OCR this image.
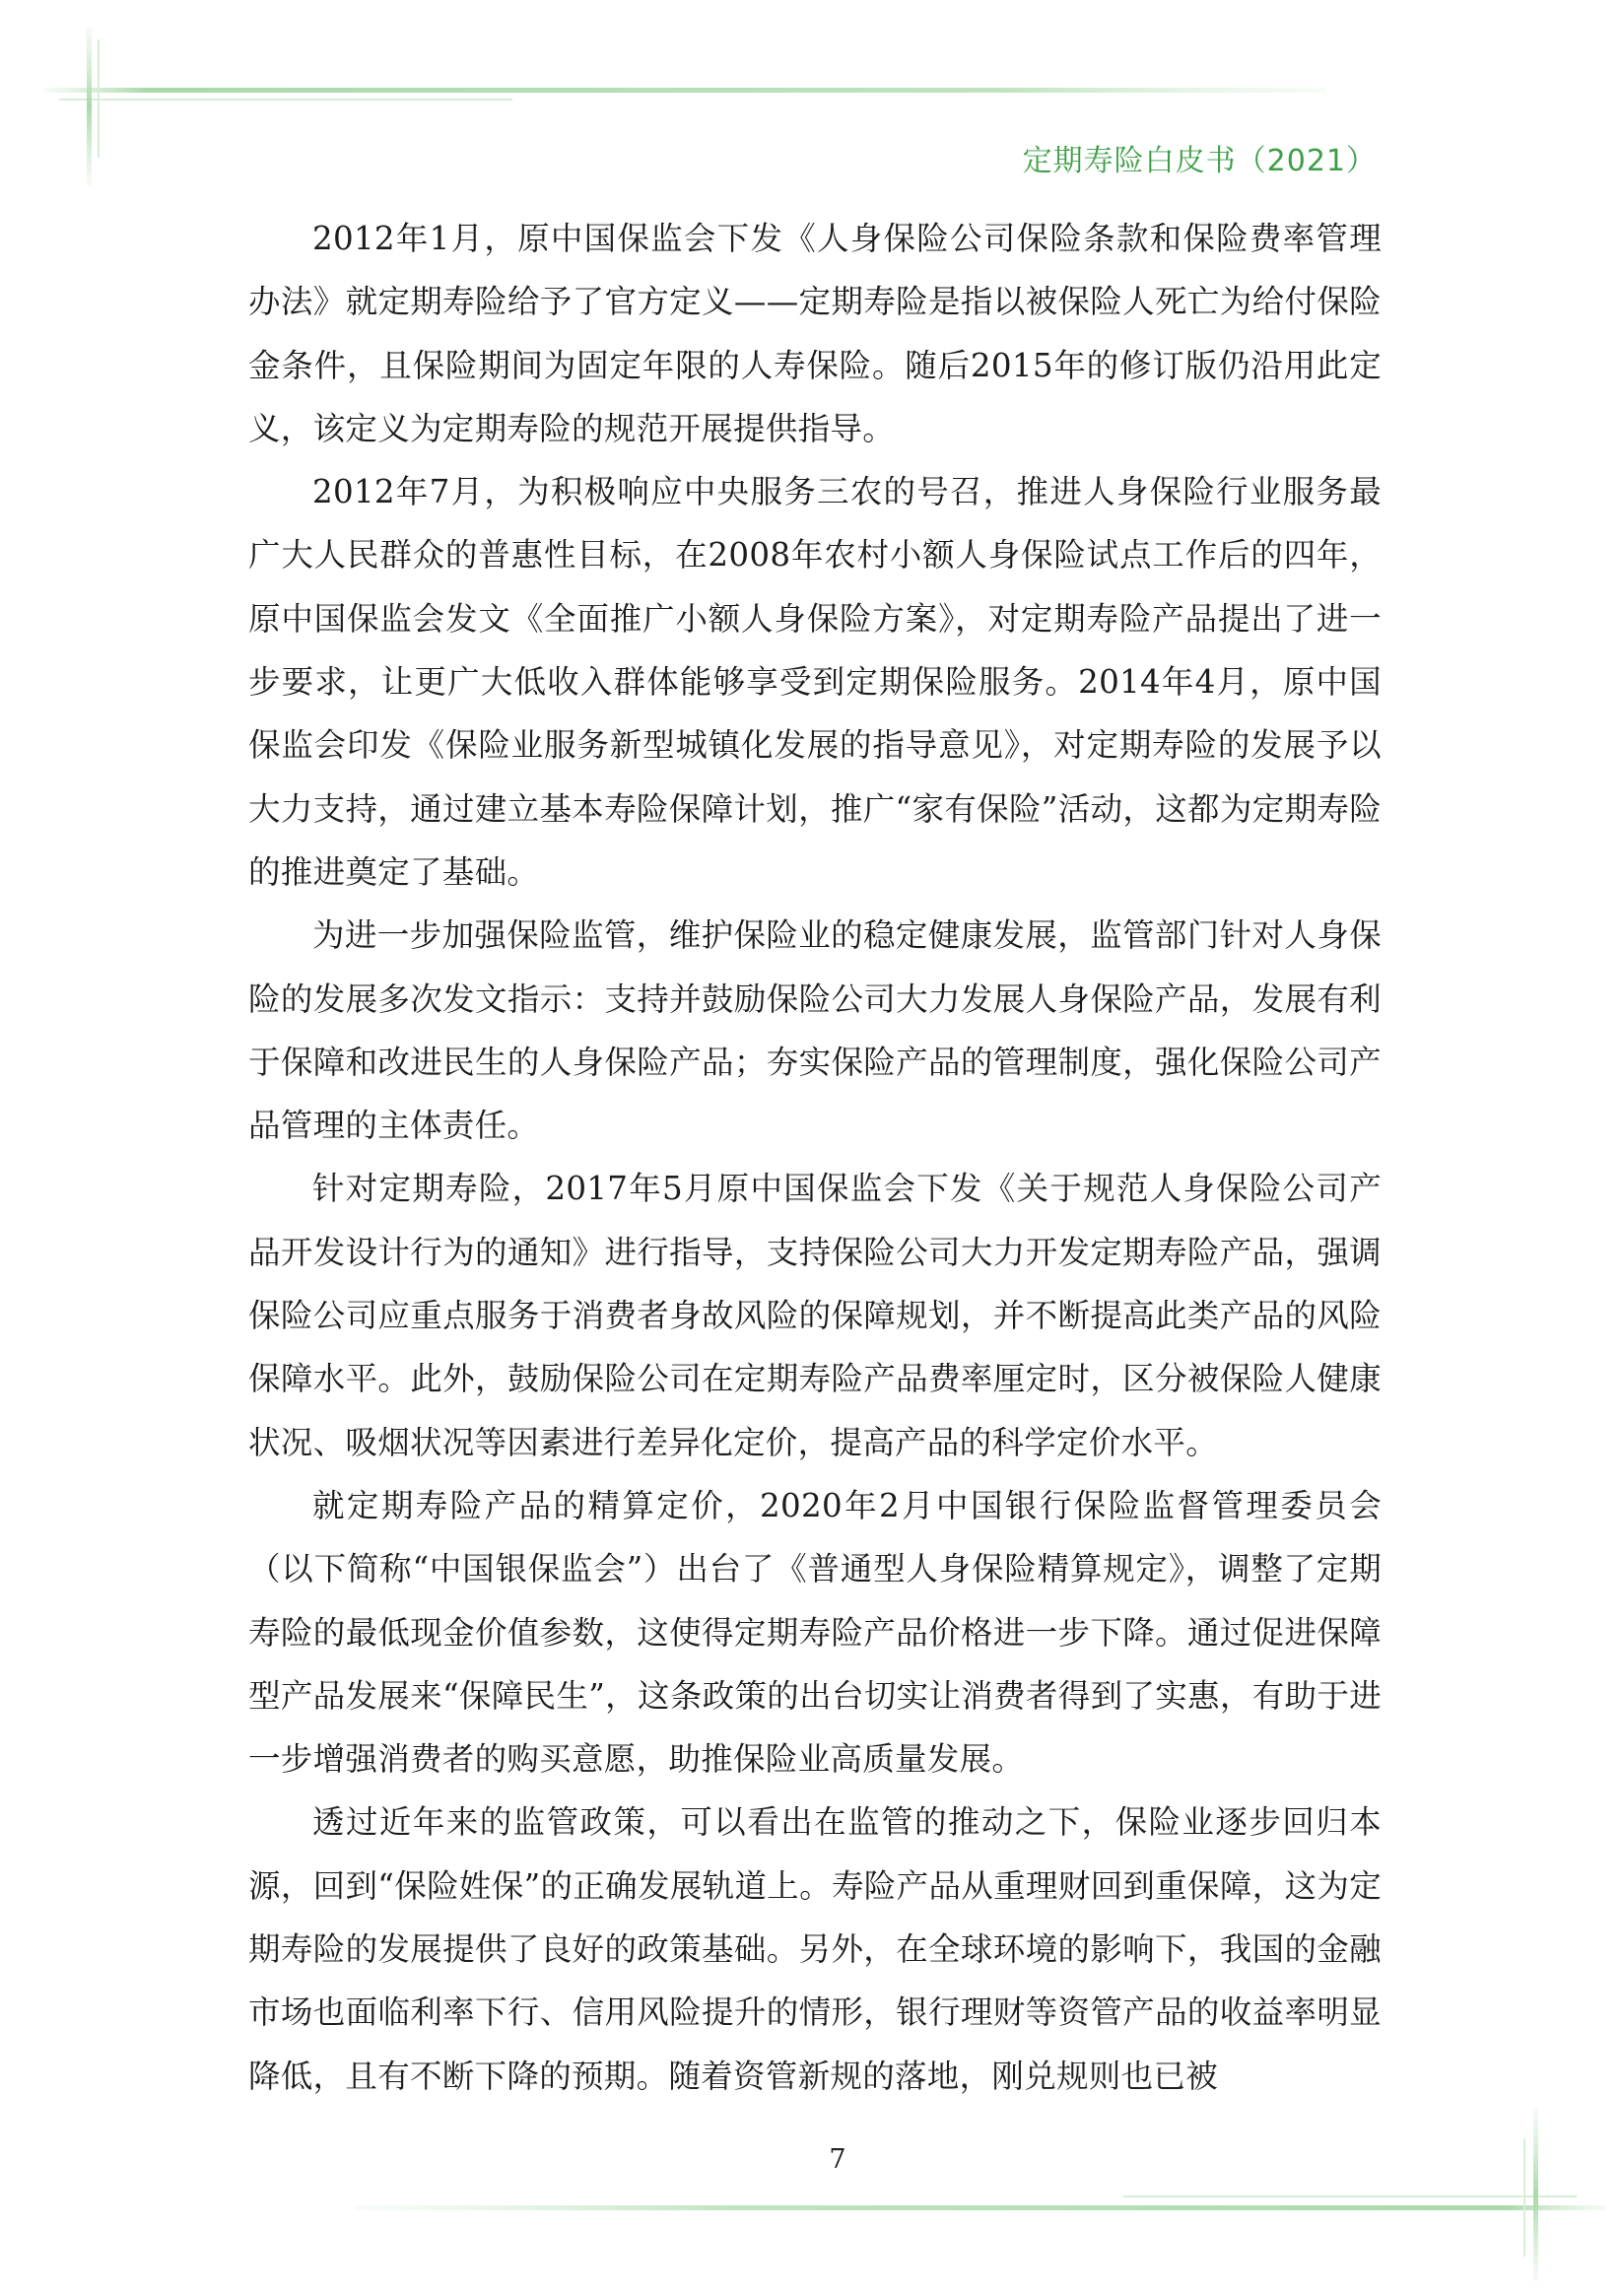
定期寿险白皮书（2021）

2012年1月，原中国保监会下发《人身保险公司保险条款和保险费率管理办法》就定期寿险给予了官方定义——定期寿险是指以被保险人死亡为给付保险金条件，且保险期间为固定年限的人寿保险。随后2015年的修订版仍沿用此定义，该定义为定期寿险的规范开展提供指导。

2012年7月，为积极响应中央服务三农的号召，推进人身保险行业服务最广大人民群众的普惠性目标，在2008年农村小额人身保险试点工作后的四年，原中国保监会发文《全面推广小额人身保险方案》，对定期寿险产品提出了进一步要求，让更广大低收入群体能够享受到定期保险服务。2014年4月，原中国保监会印发《保险业服务新型城镇化发展的指导意见》，对定期寿险的发展予以大力支持，通过建立基本寿险保障计划，推广“家有保险”活动，这都为定期寿险的推进奠定了基础。

为进一步加强保险监管，维护保险业的稳定健康发展，监管部门针对人身保险的发展多次发文指示：支持并鼓励保险公司大力发展人身保险产品，发展有利于保障和改进民生的人身保险产品；夯实保险产品的管理制度，强化保险公司产品管理的主体责任。

针对定期寿险，2017年5月原中国保监会下发《关于规范人身保险公司产品开发设计行为的通知》进行指导，支持保险公司大力开发定期寿险产品，强调保险公司应重点服务于消费者身故风险的保障规划，并不断提高此类产品的风险保障水平。此外，鼓励保险公司在定期寿险产品费率厘定时，区分被保险人健康状况、吸烟状况等因素进行差异化定价，提高产品的科学定价水平。

就定期寿险产品的精算定价，2020年2月中国银行保险监督管理委员会（以下简称“中国银保监会”）出台了《普通型人身保险精算规定》，调整了定期寿险的最低现金价值参数，这使得定期寿险产品价格进一步下降。通过促进保障型产品发展来“保障民生”，这条政策的出台切实让消费者得到了实惠，有助于进一步增强消费者的购买意愿，助推保险业高质量发展。

透过近年来的监管政策，可以看出在监管的推动之下，保险业逐步回归本源，回到“保险姓保”的正确发展轨道上。寿险产品从重理财回到重保障，这为定期寿险的发展提供了良好的政策基础。另外，在全球环境的影响下，我国的金融市场也面临利率下行、信用风险提升的情形，银行理财等资管产品的收益率明显降低，且有不断下降的预期。随着资管新规的落地，刚兑规则也已被

7
